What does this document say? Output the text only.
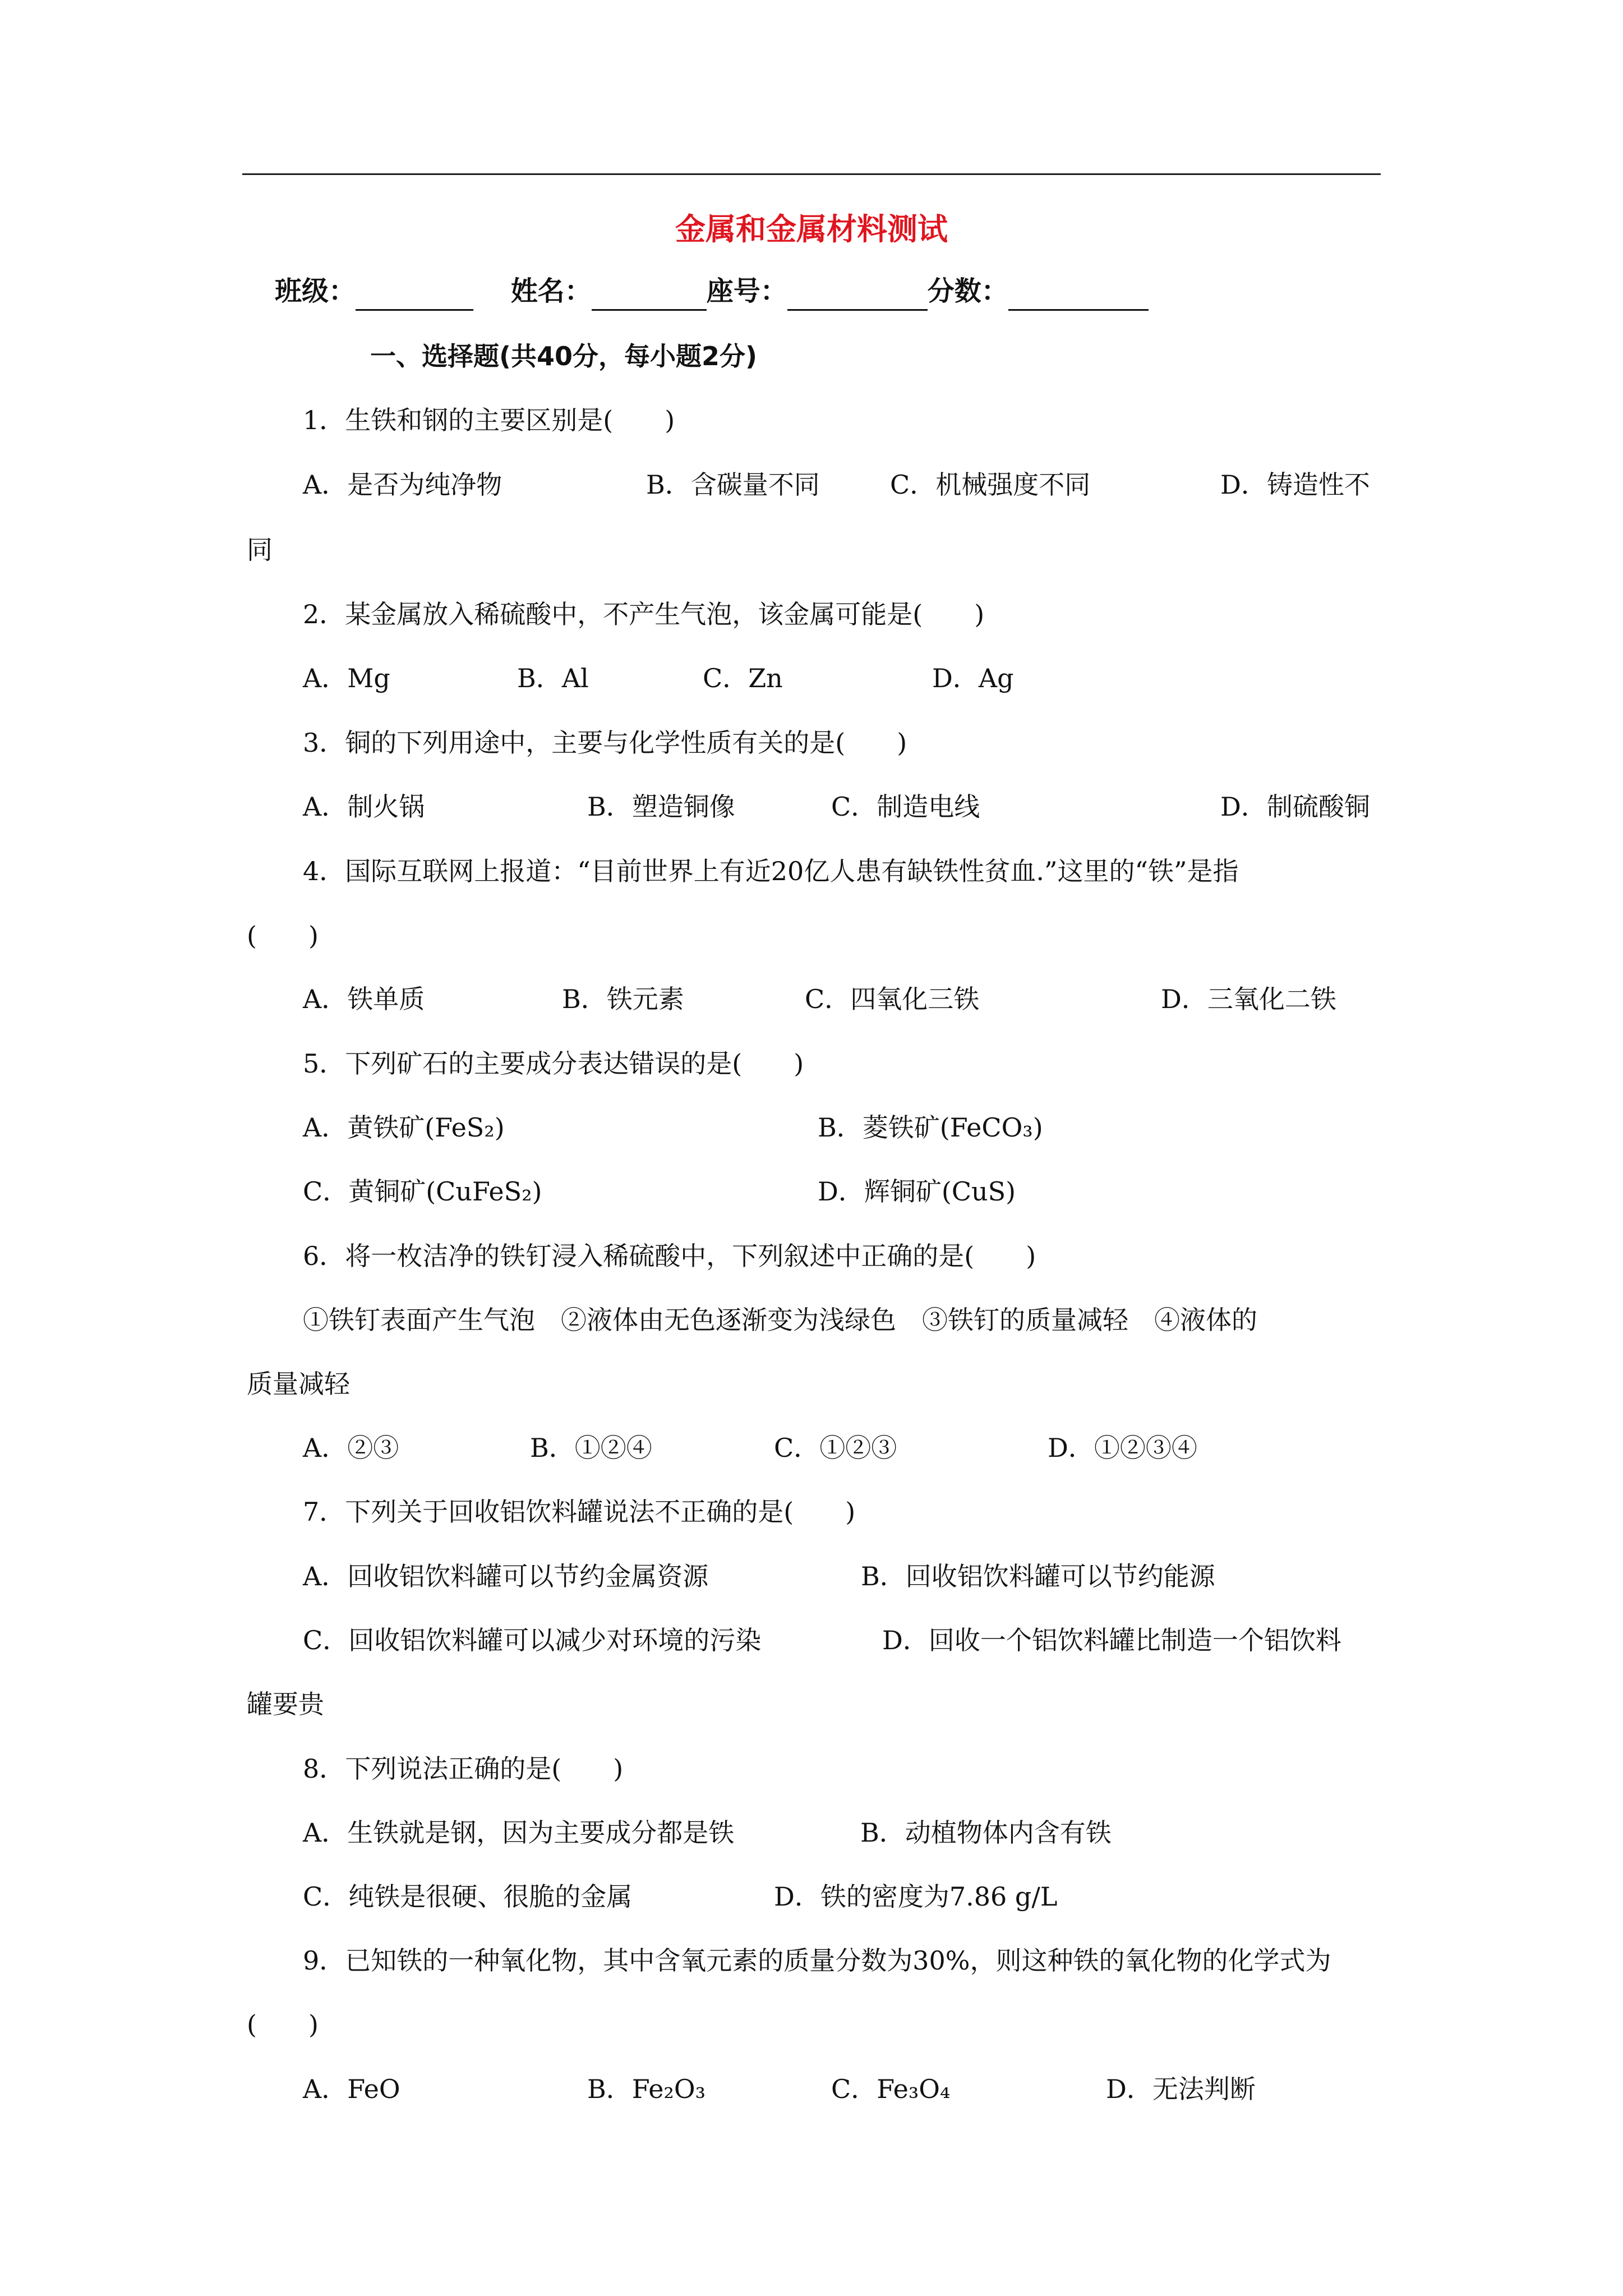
金属和金属材料测试
班级：	姓名：	座号：	分数：
一、选择题(共40分，每小题2分)
1．生铁和钢的主要区别是(　　)
A．是否为纯净物	B．含碳量不同	C．机械强度不同	D．铸造性不
同
2．某金属放入稀硫酸中，不产生气泡，该金属可能是(　　)
A．Mg	B．Al	C．Zn	D．Ag
3．铜的下列用途中，主要与化学性质有关的是(　　)
A．制火锅	B．塑造铜像	C．制造电线	D．制硫酸铜
4．国际互联网上报道：“目前世界上有近20亿人患有缺铁性贫血.”这里的“铁”是指
(　　)
A．铁单质	B．铁元素	C．四氧化三铁	D．三氧化二铁
5．下列矿石的主要成分表达错误的是(　　)
A．黄铁矿(FeS₂)	B．菱铁矿(FeCO₃)
C．黄铜矿(CuFeS₂)	D．辉铜矿(CuS)
6．将一枚洁净的铁钉浸入稀硫酸中，下列叙述中正确的是(　　)
①铁钉表面产生气泡　②液体由无色逐渐变为浅绿色　③铁钉的质量减轻　④液体的
质量减轻
A．②③	B．①②④	C．①②③	D．①②③④
7．下列关于回收铝饮料罐说法不正确的是(　　)
A．回收铝饮料罐可以节约金属资源	B．回收铝饮料罐可以节约能源
C．回收铝饮料罐可以减少对环境的污染	D．回收一个铝饮料罐比制造一个铝饮料
罐要贵
8．下列说法正确的是(　　)
A．生铁就是钢，因为主要成分都是铁	B．动植物体内含有铁
C．纯铁是很硬、很脆的金属	D．铁的密度为7.86 g/L
9．已知铁的一种氧化物，其中含氧元素的质量分数为30%，则这种铁的氧化物的化学式为
(　　)
A．FeO	B．Fe₂O₃	C．Fe₃O₄	D．无法判断
